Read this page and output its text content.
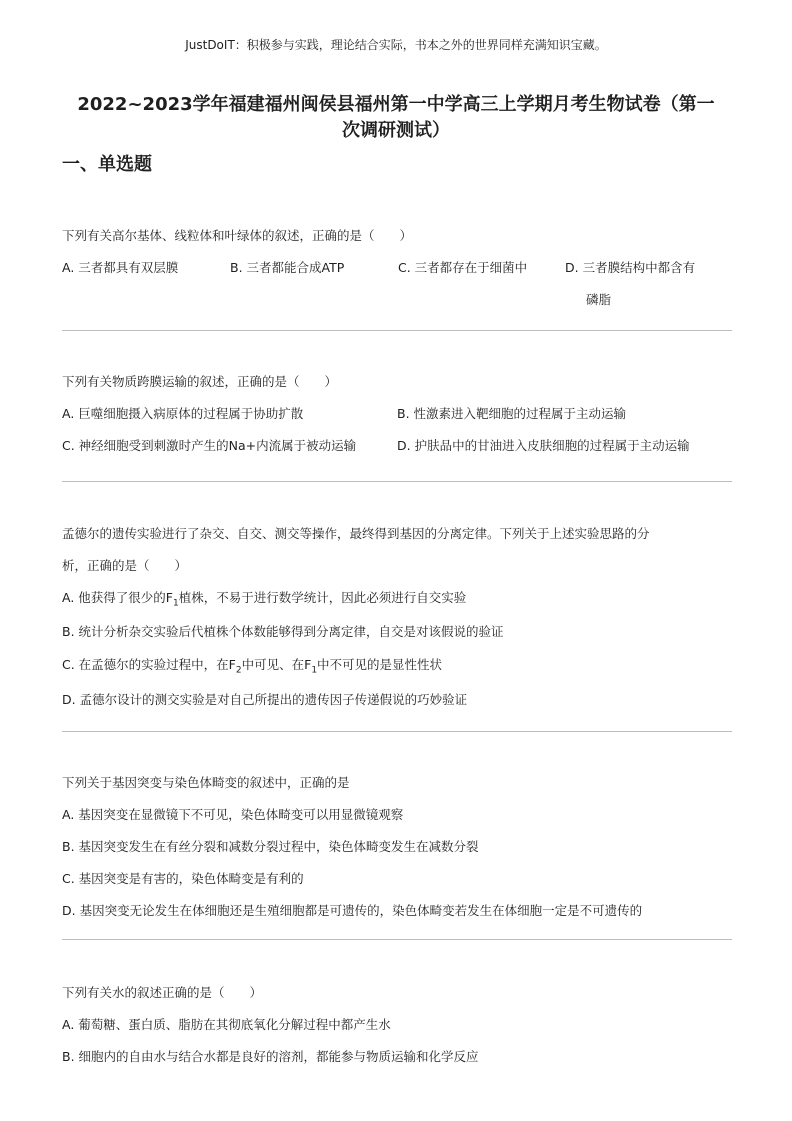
JustDoIT：积极参与实践，理论结合实际，书本之外的世界同样充满知识宝藏。
2022~2023学年福建福州闽侯县福州第一中学高三上学期月考生物试卷（第一
次调研测试）
一、单选题
下列有关高尔基体、线粒体和叶绿体的叙述，正确的是（　　）
A. 三者都具有双层膜	B. 三者都能合成ATP	C. 三者都存在于细菌中	D. 三者膜结构中都含有
磷脂
下列有关物质跨膜运输的叙述，正确的是（　　）
A. 巨噬细胞摄入病原体的过程属于协助扩散	B. 性激素进入靶细胞的过程属于主动运输
C. 神经细胞受到刺激时产生的Na+内流属于被动运输	D. 护肤品中的甘油进入皮肤细胞的过程属于主动运输
孟德尔的遗传实验进行了杂交、自交、测交等操作，最终得到基因的分离定律。下列关于上述实验思路的分
析，正确的是（　　）
A. 他获得了很少的$F_1$植株，不易于进行数学统计，因此必须进行自交实验
B. 统计分析杂交实验后代植株个体数能够得到分离定律，自交是对该假说的验证
C. 在孟德尔的实验过程中，在$F_2$中可见、在$F_1$中不可见的是显性性状
D. 孟德尔设计的测交实验是对自己所提出的遗传因子传递假说的巧妙验证
下列关于基因突变与染色体畸变的叙述中，正确的是
A. 基因突变在显微镜下不可见，染色体畸变可以用显微镜观察
B. 基因突变发生在有丝分裂和减数分裂过程中，染色体畸变发生在减数分裂
C. 基因突变是有害的，染色体畸变是有利的
D. 基因突变无论发生在体细胞还是生殖细胞都是可遗传的，染色体畸变若发生在体细胞一定是不可遗传的
下列有关水的叙述正确的是（　　）
A. 葡萄糖、蛋白质、脂肪在其彻底氧化分解过程中都产生水
B. 细胞内的自由水与结合水都是良好的溶剂，都能参与物质运输和化学反应
